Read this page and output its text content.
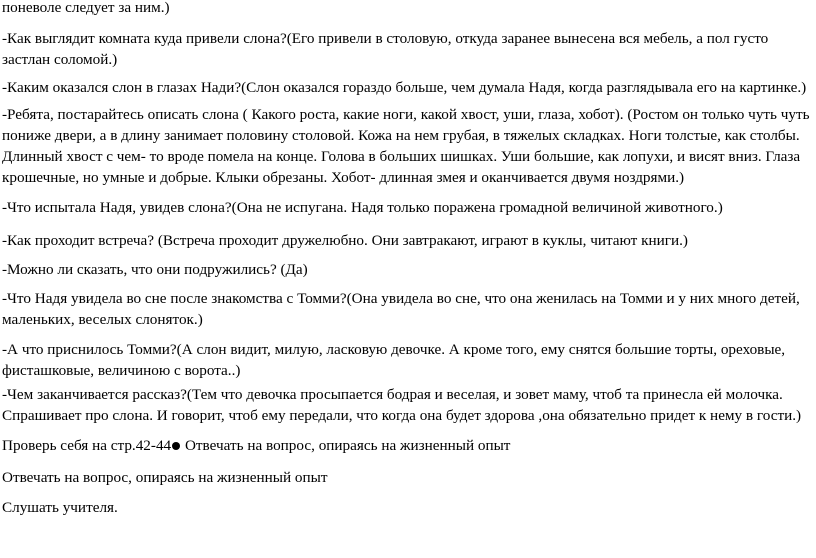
поневоле следует за ним.)

-Как выглядит комната куда привели слона?(Его привели в столовую, откуда заранее вынесена вся мебель, а пол густо застлан соломой.)

-Каким оказался слон в глазах Нади?(Слон оказался гораздо больше, чем думала Надя, когда разглядывала его на картинке.)

-Ребята, постарайтесь описать слона ( Какого роста, какие ноги, какой хвост, уши, глаза, хобот). (Ростом он только чуть чуть пониже двери, а в длину занимает половину столовой. Кожа на нем грубая, в тяжелых складках. Ноги толстые, как столбы. Длинный хвост с чем- то вроде помела на конце. Голова в больших шишках. Уши большие, как лопухи, и висят вниз. Глаза крошечные, но умные и добрые. Клыки обрезаны. Хобот- длинная змея и оканчивается двумя ноздрями.)

-Что испытала Надя, увидев слона?(Она не испугана. Надя только поражена громадной величиной животного.)

-Как проходит встреча? (Встреча проходит дружелюбно. Они завтракают, играют в куклы, читают книги.)

-Можно ли сказать, что они подружились? (Да)

-Что Надя увидела во сне после знакомства с Томми?(Она увидела во сне, что она женилась на Томми и у них много детей, маленьких, веселых слоняток.)

-А что приснилось Томми?(А слон видит, милую, ласковую девочке. А кроме того, ему снятся большие торты, ореховые, фисташковые, величиною с ворота..)

-Чем заканчивается рассказ?(Тем что девочка просыпается бодрая и веселая, и зовет маму, чтоб та принесла ей молочка. Спрашивает про слона. И говорит, чтоб ему передали, что когда она будет здорова ,она обязательно придет к нему в гости.)

Проверь себя на стр.42-44 Отвечать на вопрос, опираясь на жизненный опыт

Отвечать на вопрос, опираясь на жизненный опыт

Слушать учителя.
